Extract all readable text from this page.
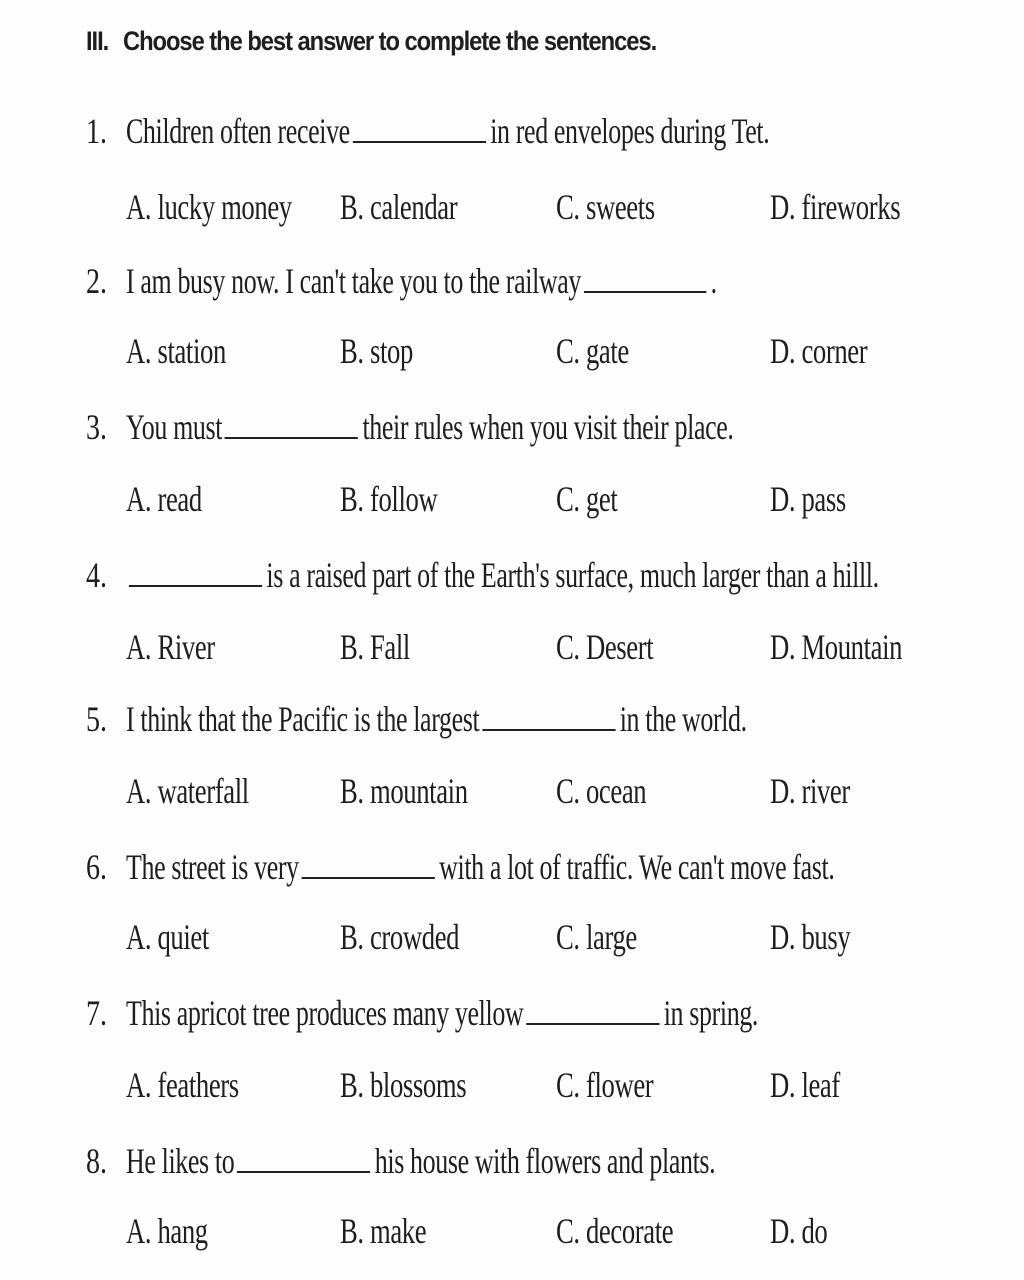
III. Choose the best answer to complete the sentences.
1. Children often receive	in red envelopes during Tet.
A. lucky money B. calendar	C. sweets	D. fireworks
2. I am busy now. I can't take you to the railway	.
A. station	B. stop	C. gate	D. corner
3. You must	their rules when you visit their place.
A. read	B. follow	C. get	D. pass
4.	is a raised part of the Earth's surface, much larger than a hilll.
A. River	B. Fall	C. Desert	D. Mountain
5. I think that the Pacific is the largest	in the world.
A. waterfall	B. mountain C. ocean	D. river
6. The street is very	with a lot of traffic. We can't move fast.
A. quiet	B. crowded	C. large	D. busy
7. This apricot tree produces many yellow	in spring.
A. feathers	B. blossoms C. flower	D. leaf
8. He likes to	his house with flowers and plants.
A. hang	B. make	C. decorate	D. do
